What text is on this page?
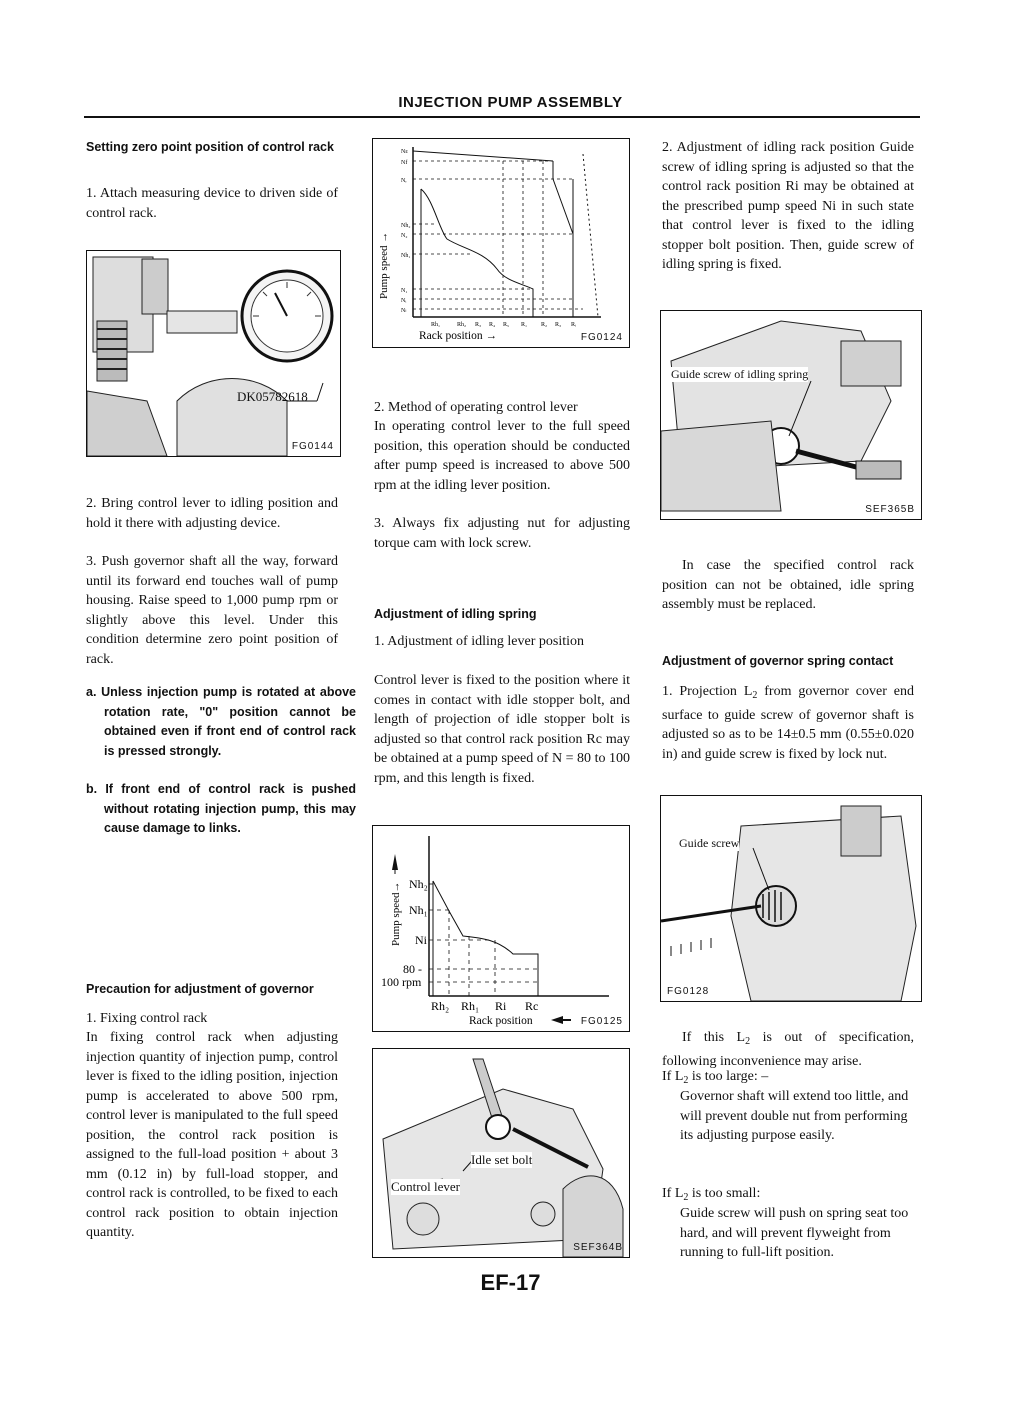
INJECTION PUMP ASSEMBLY
Setting zero point position of control rack

1. Attach measuring device to driven side of control rack.

DK05782618
FG0144

2. Bring control lever to idling position and hold it there with adjusting device.

3. Push governor shaft all the way, forward until its forward end touches wall of pump housing. Raise speed to 1,000 pump rpm or slightly above this level. Under this condition determine zero point position of rack.

a. Unless injection pump is rotated at above rotation rate, "0" position cannot be obtained even if front end of control rack is pressed strongly.

b. If front end of control rack is pushed without rotating injection pump, this may cause damage to links.

Precaution for adjustment of governor

1. Fixing control rack

In fixing control rack when adjusting injection quantity of injection pump, control lever is fixed to the idling position, injection pump is accelerated to above 500 rpm, control lever is manipulated to the full speed position, the control rack position is assigned to the full-load position + about 3 mm (0.12 in) by full-load stopper, and control rack is controlled, to be fixed to each control rack position to obtain injection quantity.

Pump speed →
Nε
Nf
Nᵣ
Nh₂
N₂
Nh₁
N₁
Nᵢ
Nₗ
Rh₁	Rh₂ R₃ R₄ R₅ R₁ R₂ R₃ Rᵢ
Rack position →	FG0124

2. Method of operating control lever

In operating control lever to the full speed position, this operation should be conducted after pump speed is increased to above 500 rpm at the idling lever position.

3. Always fix adjusting nut for adjusting torque cam with lock screw.

Adjustment of idling spring

1. Adjustment of idling lever position

Control lever is fixed to the position where it comes in contact with idle stopper bolt, and length of projection of idle stopper bolt is adjusted so that control rack position Rc may be obtained at a pump speed of N = 80 to 100 rpm, and this length is fixed.

Pump speed→ Nh₂
Nh₁
Ni
80 -
100 rpm
Rh₂ Rh₁ Ri Rc
Rack position	FG0125
Idle set bolt
Control lever
SEF364B

2. Adjustment of idling rack position Guide screw of idling spring is adjusted so that the control rack position Ri may be obtained at the prescribed pump speed Ni in such state that control lever is fixed to the idling stopper bolt position. Then, guide screw of idling spring is fixed.

Guide screw of idling spring
SEF365B

In case the specified control rack position can not be obtained, idle spring assembly must be replaced.

Adjustment of governor spring contact

1. Projection $L_2$ from governor cover end surface to guide screw of governor shaft is adjusted so as to be 14±0.5 mm (0.55±0.020 in) and guide screw is fixed by lock nut.

Guide screw
FG0128

If this $L_2$ is out of specification, following inconvenience may arise.

If $L_2$ is too large: –

Governor shaft will extend too little, and will prevent double nut from performing its adjusting purpose easily.

If $L_2$ is too small:

Guide screw will push on spring seat too hard, and will prevent flyweight from running to full-lift position.

EF-17
